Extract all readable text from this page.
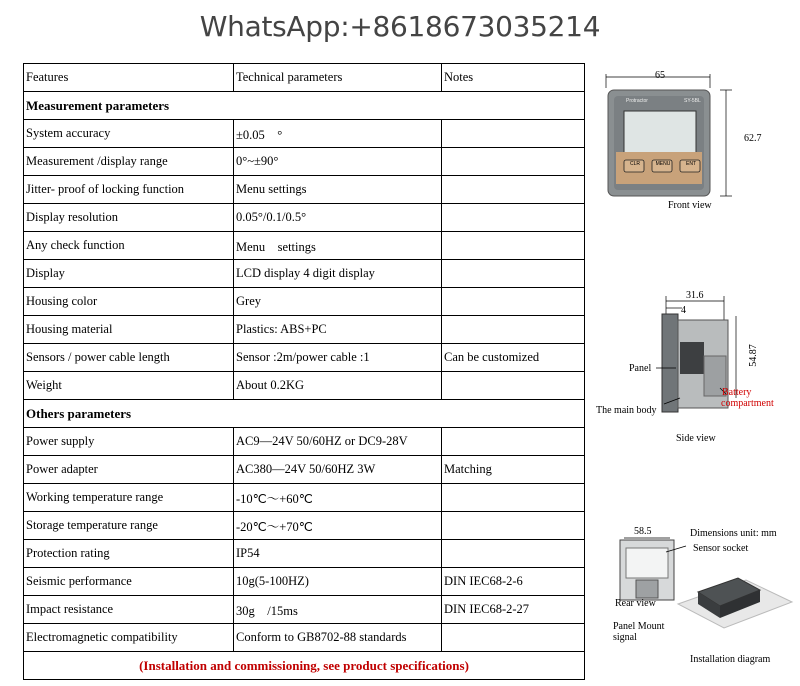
WhatsApp:+8618673035214
Features	Technical parameters	Notes
Measurement parameters		
System accuracy	±0.05　°	
Measurement /display range	0°~±90°	
Jitter- proof of locking function	Menu settings	
Display resolution	0.05°/0.1/0.5°	
Any check function	Menu　settings	
Display	LCD display 4 digit display	
Housing color	Grey	
Housing material	Plastics: ABS+PC	
Sensors / power cable length	Sensor :2m/power cable :1	Can be customized
Weight	About 0.2KG	
Others parameters		
Power supply	AC9—24V 50/60HZ or DC9-28V	
Power adapter	AC380—24V 50/60HZ 3W	Matching
Working temperature range	-10℃～+60℃	
Storage temperature range	-20℃～+70℃	
Protection rating	IP54	
Seismic performance	10g(5-100HZ)	DIN IEC68-2-6
Impact resistance	30g　/15ms	DIN IEC68-2-27
Electromagnetic compatibility	Conform to GB8702-88 standards	
(Installation and commissioning, see product specifications)		
65
62.7
Protractor	SY-5BL
CLR	MENU	ENT
Front view
31.6
4
54.87
Panel
Battery
compartment
The main body
Side view
58.5	Dimensions unit: mm
Sensor socket
Rear view
Panel Mount
signal
Installation diagram
